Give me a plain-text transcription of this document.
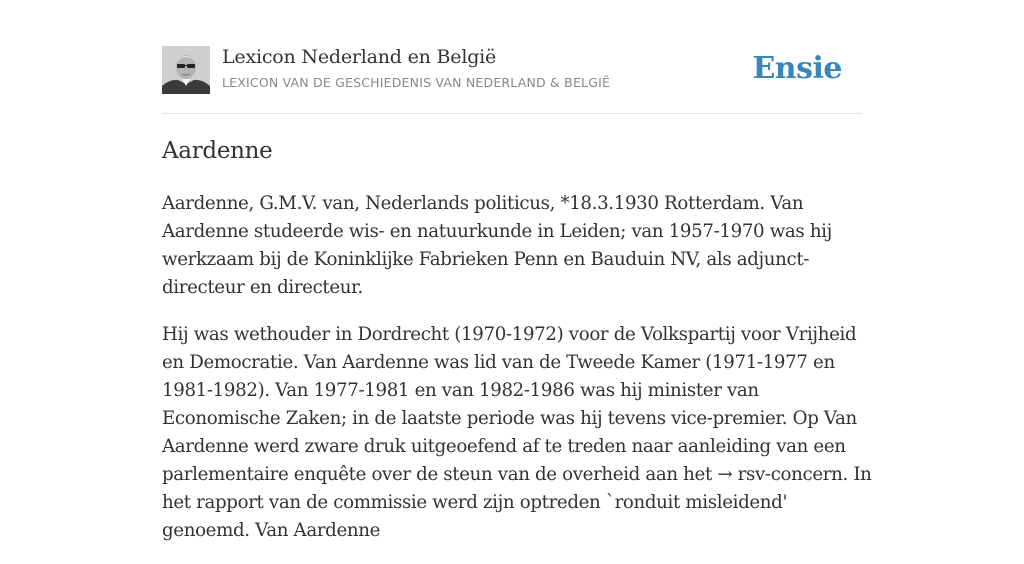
Lexicon Nederland en België
LEXICON VAN DE GESCHIEDENIS VAN NEDERLAND & BELGIË	Ensie
Aardenne

Aardenne, G.M.V. van, Nederlands politicus, *18.3.1930 Rotterdam. Van Aardenne studeerde wis- en natuurkunde in Leiden; van 1957-1970 was hij werkzaam bij de Koninklijke Fabrieken Penn en Bauduin NV, als adjunct-directeur en directeur.

Hij was wethouder in Dordrecht (1970-1972) voor de Volkspartij voor Vrijheid en Democratie. Van Aardenne was lid van de Tweede Kamer (1971-1977 en 1981-1982). Van 1977-1981 en van 1982-1986 was hij minister van Economische Zaken; in de laatste periode was hij tevens vice-premier. Op Van Aardenne werd zware druk uitgeoefend af te treden naar aanleiding van een parlementaire enquête over de steun van de overheid aan het → rsv-concern. In het rapport van de commissie werd zijn optreden `ronduit misleidend' genoemd. Van Aardenne
